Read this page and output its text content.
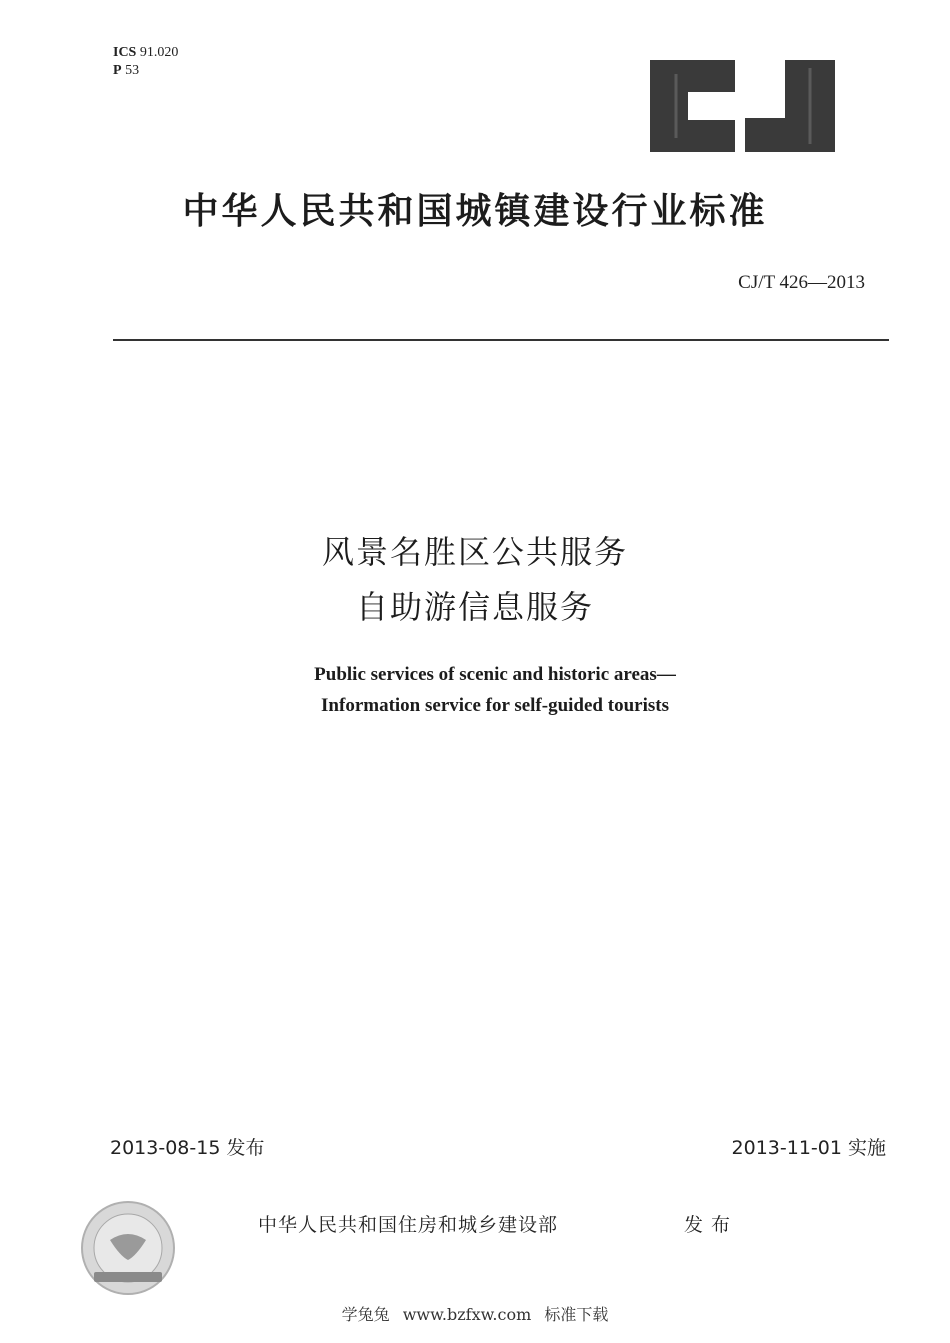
ICS 91.020
P 53
中华人民共和国城镇建设行业标准
CJ/T 426—2013
风景名胜区公共服务
自助游信息服务
Public services of scenic and historic areas—
Information service for self-guided tourists
2013-08-15 发布	2013-11-01 实施
中华人民共和国住房和城乡建设部	发布
学兔兔 www.bzfxw.com 标准下载
